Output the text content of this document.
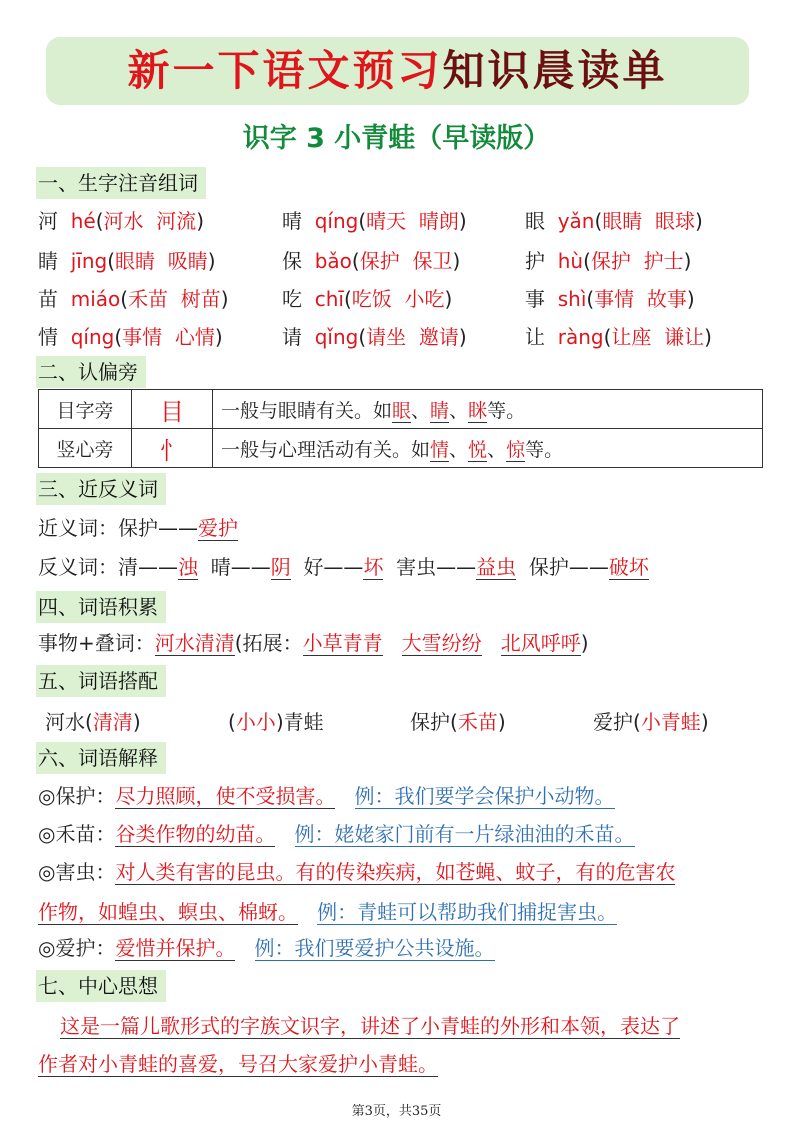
新一下语文预习知识晨读单
识字 3 小青蛙（早读版）
一、生字注音组词
河 hé(河水 河流)	晴 qíng(晴天 晴朗)	眼 yǎn(眼睛 眼球)
睛 jīng(眼睛 吸睛)	保 bǎo(保护 保卫)	护 hù(保护 护士)
苗 miáo(禾苗 树苗)	吃 chī(吃饭 小吃)	事 shì(事情 故事)
情 qíng(事情 心情)	请 qǐng(请坐 邀请)	让 ràng(让座 谦让)
二、认偏旁
目字旁	目	一般与眼睛有关。如眼、睛、眯等。
竖心旁	忄	一般与心理活动有关。如情、悦、惊等。
三、近反义词
近义词：保护——爱护
反义词：清——浊 晴——阴 好——坏 害虫——益虫 保护——破坏
四、词语积累
事物+叠词：河水清清(拓展：小草青青 大雪纷纷 北风呼呼)
五、词语搭配
河水(清清)	(小小)青蛙	保护(禾苗)	爱护(小青蛙)
六、词语解释
◎保护：尽力照顾，使不受损害。 例：我们要学会保护小动物。
◎禾苗：谷类作物的幼苗。 例：姥姥家门前有一片绿油油的禾苗。
◎害虫：对人类有害的昆虫。有的传染疾病，如苍蝇、蚊子，有的危害农
作物，如蝗虫、螟虫、棉蚜。 例：青蛙可以帮助我们捕捉害虫。
◎爱护：爱惜并保护。 例：我们要爱护公共设施。
七、中心思想
这是一篇儿歌形式的字族文识字，讲述了小青蛙的外形和本领，表达了
作者对小青蛙的喜爱，号召大家爱护小青蛙。
第3页，共35页
